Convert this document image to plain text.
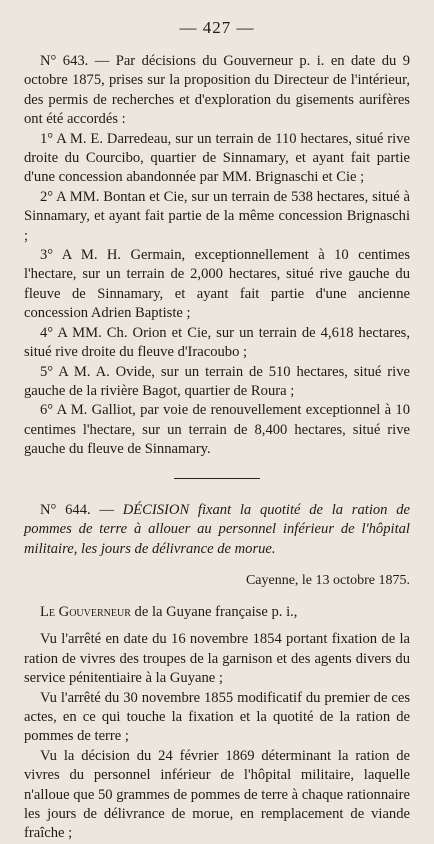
— 427 —

N° 643. — Par décisions du Gouverneur p. i. en date du 9 octobre 1875, prises sur la proposition du Directeur de l'intérieur, des permis de recherches et d'exploration du gisements aurifères ont été accordés :

1° A M. E. Darredeau, sur un terrain de 110 hectares, situé rive droite du Courcibo, quartier de Sinnamary, et ayant fait partie d'une concession abandonnée par MM. Brignaschi et Cie ;

2° A MM. Bontan et Cie, sur un terrain de 538 hectares, situé à Sinnamary, et ayant fait partie de la même concession Brignaschi ;

3° A M. H. Germain, exceptionnellement à 10 centimes l'hectare, sur un terrain de 2,000 hectares, situé rive gauche du fleuve de Sinnamary, et ayant fait partie d'une ancienne concession Adrien Baptiste ;

4° A MM. Ch. Orion et Cie, sur un terrain de 4,618 hectares, situé rive droite du fleuve d'Iracoubo ;

5° A M. A. Ovide, sur un terrain de 510 hectares, situé rive gauche de la rivière Bagot, quartier de Roura ;

6° A M. Galliot, par voie de renouvellement exceptionnel à 10 centimes l'hectare, sur un terrain de 8,400 hectares, situé rive gauche du fleuve de Sinnamary.

N° 644. — DÉCISION fixant la quotité de la ration de pommes de terre à allouer au personnel inférieur de l'hôpital militaire, les jours de délivrance de morue.

Cayenne, le 13 octobre 1875.

Le Gouverneur de la Guyane française p. i.,

Vu l'arrêté en date du 16 novembre 1854 portant fixation de la ration de vivres des troupes de la garnison et des agents divers du service pénitentiaire à la Guyane ;

Vu l'arrêté du 30 novembre 1855 modificatif du premier de ces actes, en ce qui touche la fixation et la quotité de la ration de pommes de terre ;

Vu la décision du 24 février 1869 déterminant la ration de vivres du personnel inférieur de l'hôpital militaire, laquelle n'alloue que 50 grammes de pommes de terre à chaque rationnaire les jours de délivrance de morue, en remplacement de viande fraîche ;
